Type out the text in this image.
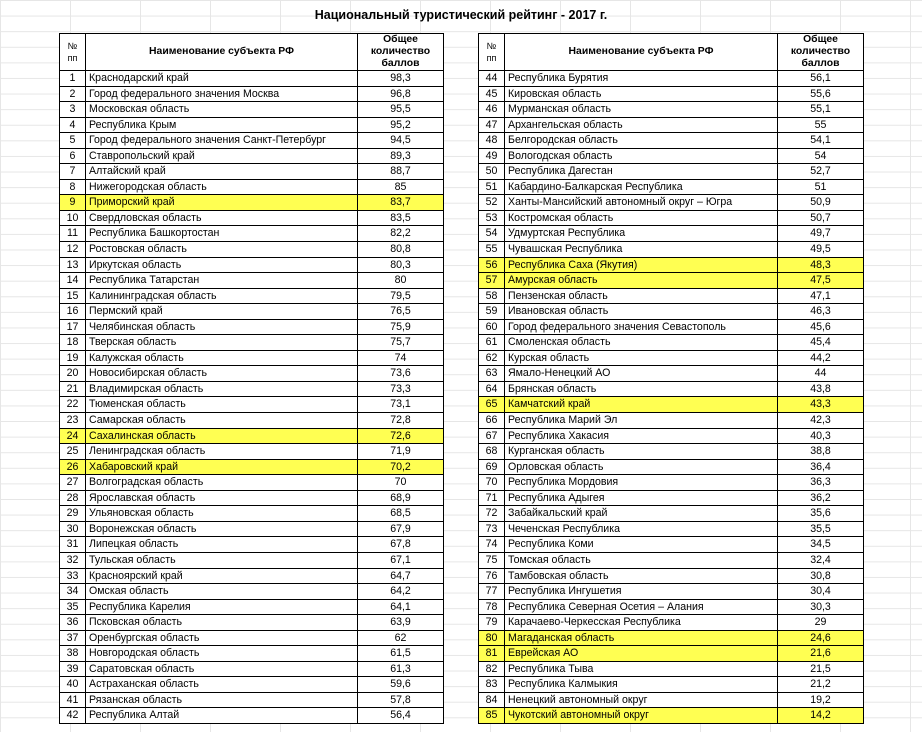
Национальный туристический рейтинг - 2017 г.
№ пп	Наименование субъекта РФ	Общее количество баллов
1	Краснодарский край	98,3
2	Город федерального значения Москва	96,8
3	Московская область	95,5
4	Республика Крым	95,2
5	Город федерального значения Санкт-Петербург	94,5
6	Ставропольский край	89,3
7	Алтайский край	88,7
8	Нижегородская область	85
9	Приморский край	83,7
10	Свердловская область	83,5
11	Республика Башкортостан	82,2
12	Ростовская область	80,8
13	Иркутская область	80,3
14	Республика Татарстан	80
15	Калининградская область	79,5
16	Пермский край	76,5
17	Челябинская область	75,9
18	Тверская область	75,7
19	Калужская область	74
20	Новосибирская область	73,6
21	Владимирская область	73,3
22	Тюменская область	73,1
23	Самарская область	72,8
24	Сахалинская область	72,6
25	Ленинградская область	71,9
26	Хабаровский край	70,2
27	Волгоградская область	70
28	Ярославская область	68,9
29	Ульяновская область	68,5
30	Воронежская область	67,9
31	Липецкая область	67,8
32	Тульская область	67,1
33	Красноярский край	64,7
34	Омская область	64,2
35	Республика Карелия	64,1
36	Псковская область	63,9
37	Оренбургская область	62
38	Новгородская область	61,5
39	Саратовская область	61,3
40	Астраханская область	59,6
41	Рязанская область	57,8
42	Республика Алтай	56,4
№ пп	Наименование субъекта РФ	Общее количество баллов
44	Республика Бурятия	56,1
45	Кировская область	55,6
46	Мурманская область	55,1
47	Архангельская область	55
48	Белгородская область	54,1
49	Вологодская область	54
50	Республика Дагестан	52,7
51	Кабардино-Балкарская Республика	51
52	Ханты-Мансийский автономный округ – Югра	50,9
53	Костромская область	50,7
54	Удмуртская Республика	49,7
55	Чувашская Республика	49,5
56	Республика Саха (Якутия)	48,3
57	Амурская область	47,5
58	Пензенская область	47,1
59	Ивановская область	46,3
60	Город федерального значения Севастополь	45,6
61	Смоленская область	45,4
62	Курская область	44,2
63	Ямало-Ненецкий АО	44
64	Брянская область	43,8
65	Камчатский край	43,3
66	Республика Марий Эл	42,3
67	Республика Хакасия	40,3
68	Курганская область	38,8
69	Орловская область	36,4
70	Республика Мордовия	36,3
71	Республика Адыгея	36,2
72	Забайкальский край	35,6
73	Чеченская Республика	35,5
74	Республика Коми	34,5
75	Томская область	32,4
76	Тамбовская область	30,8
77	Республика Ингушетия	30,4
78	Республика Северная Осетия – Алания	30,3
79	Карачаево-Черкесская Республика	29
80	Магаданская область	24,6
81	Еврейская АО	21,6
82	Республика Тыва	21,5
83	Республика Калмыкия	21,2
84	Ненецкий автономный округ	19,2
85	Чукотский автономный округ	14,2
